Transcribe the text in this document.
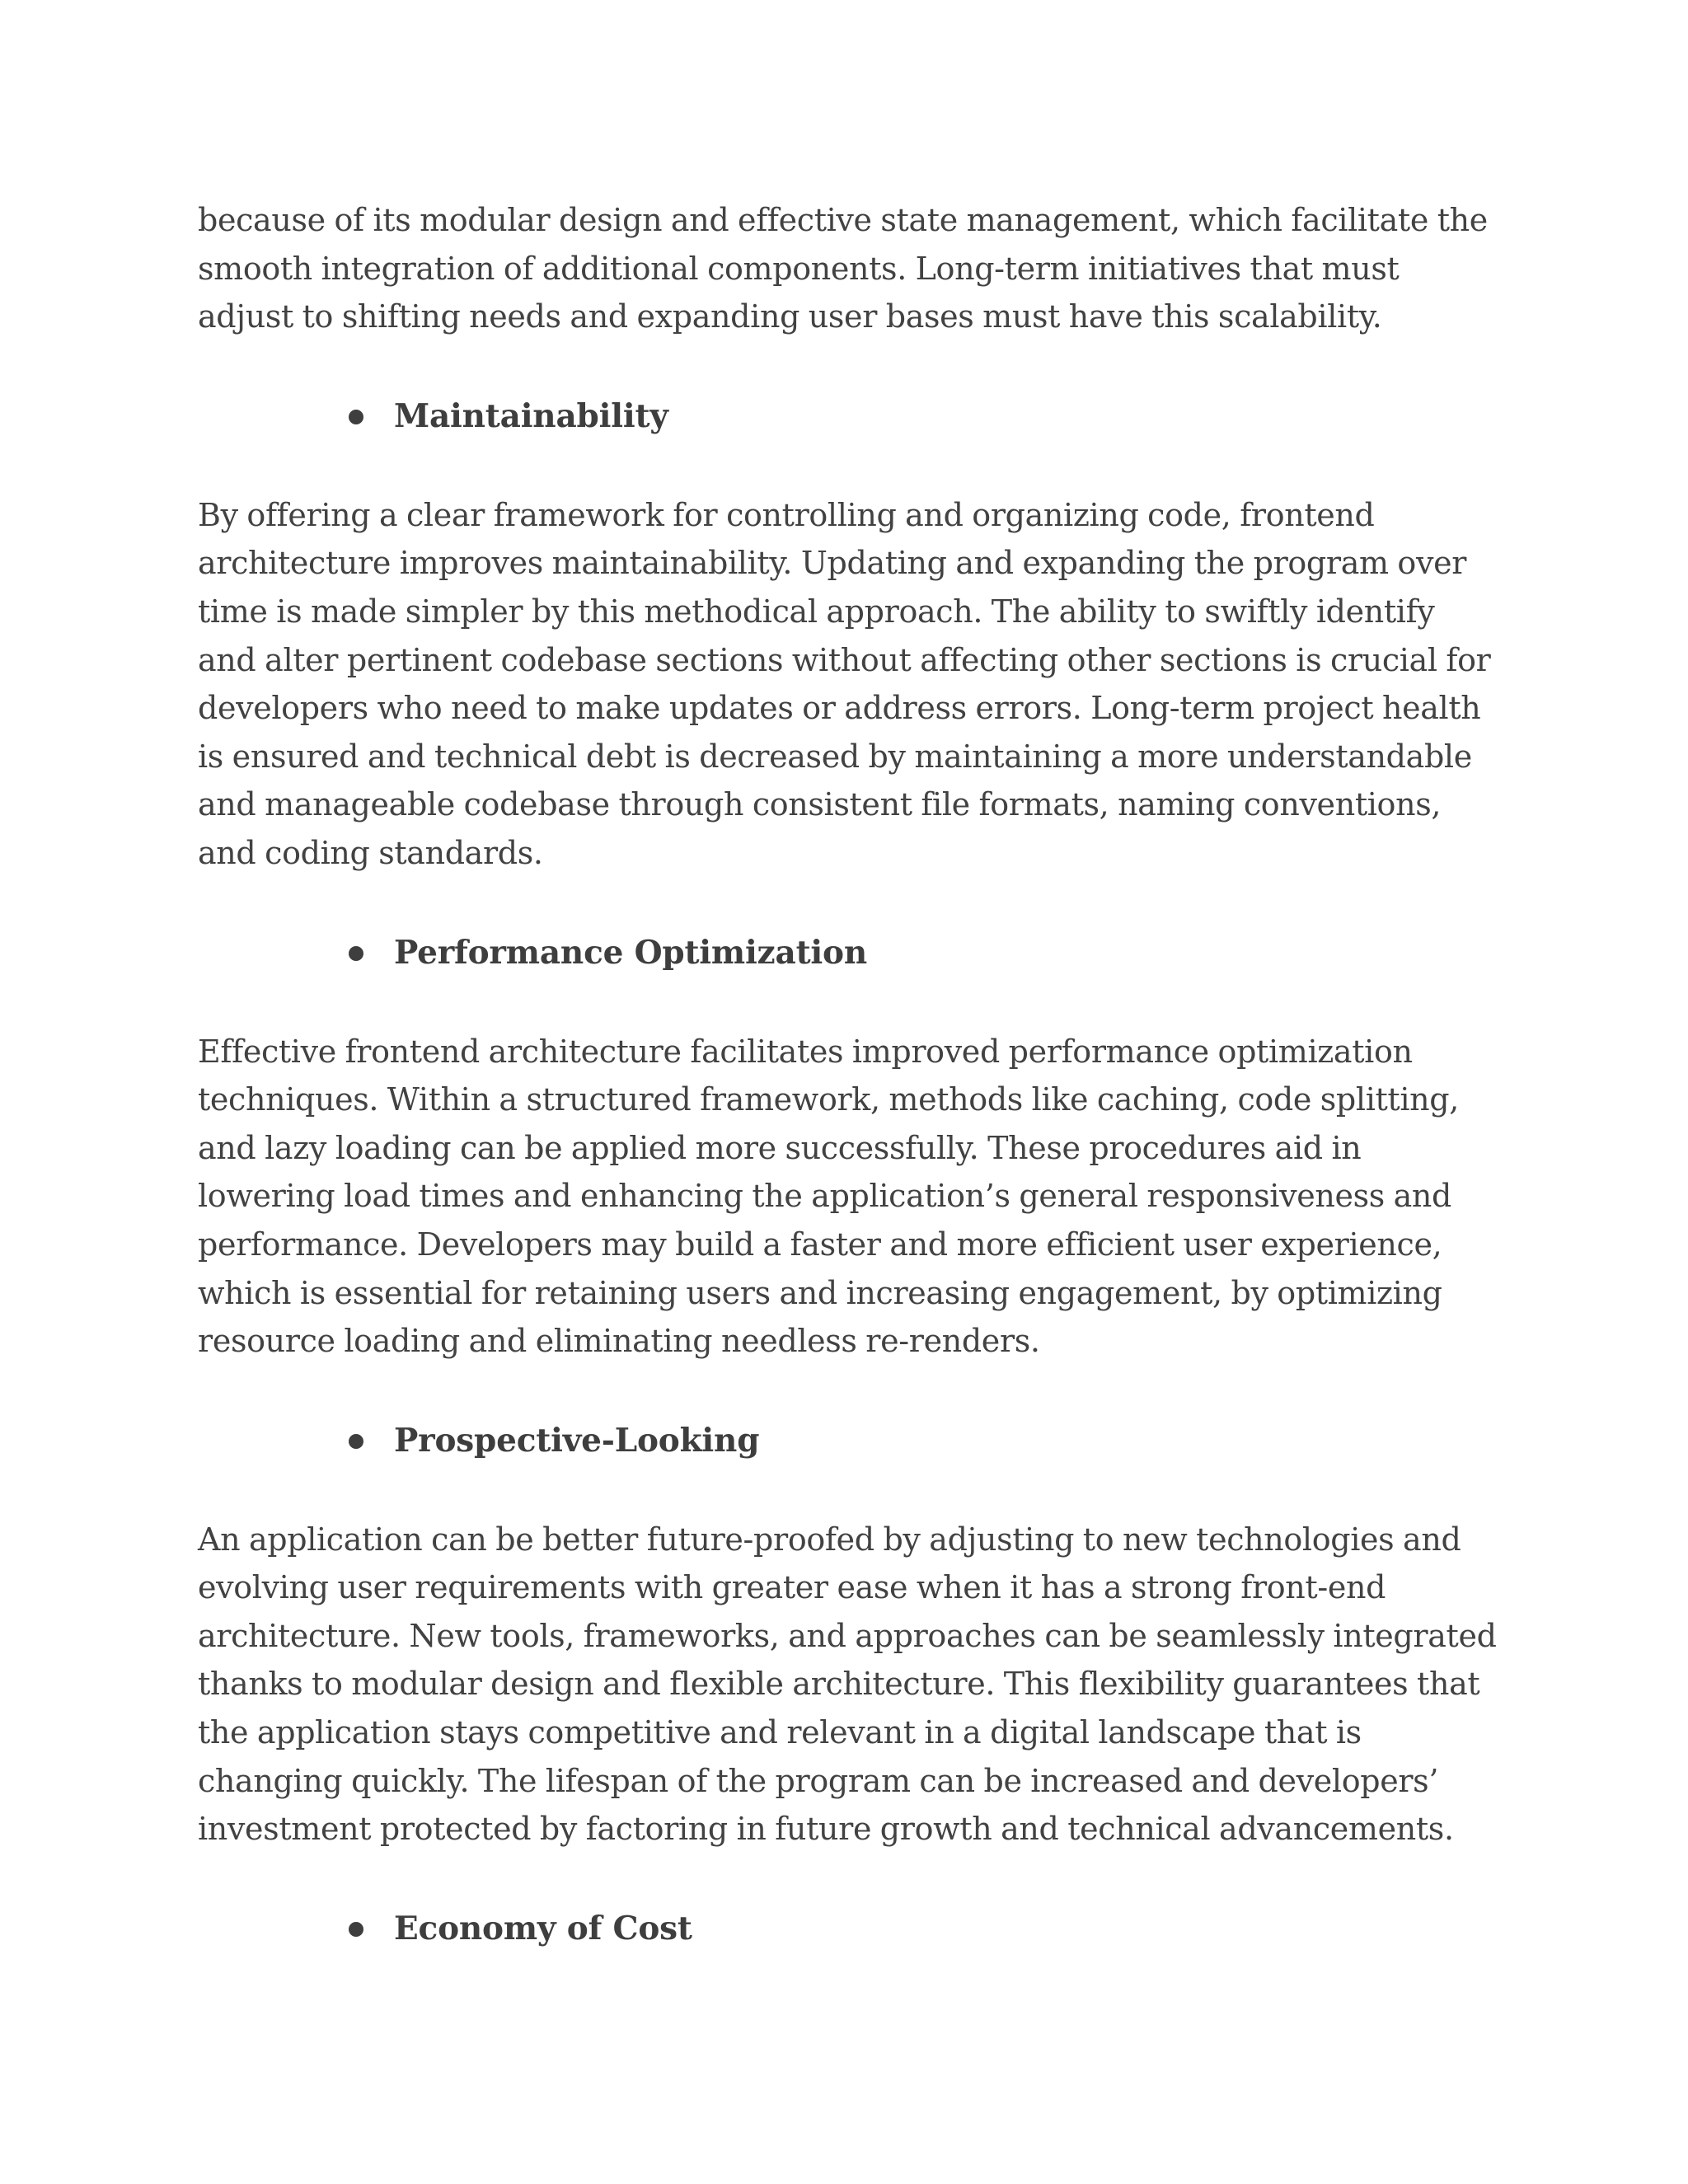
because of its modular design and effective state management, which facilitate the smooth integration of additional components. Long-term initiatives that must adjust to shifting needs and expanding user bases must have this scalability.

Maintainability

By offering a clear framework for controlling and organizing code, frontend architecture improves maintainability. Updating and expanding the program over time is made simpler by this methodical approach. The ability to swiftly identify and alter pertinent codebase sections without affecting other sections is crucial for developers who need to make updates or address errors. Long-term project health is ensured and technical debt is decreased by maintaining a more understandable and manageable codebase through consistent file formats, naming conventions, and coding standards.

Performance Optimization

Effective frontend architecture facilitates improved performance optimization techniques. Within a structured framework, methods like caching, code splitting, and lazy loading can be applied more successfully. These procedures aid in lowering load times and enhancing the application’s general responsiveness and performance. Developers may build a faster and more efficient user experience, which is essential for retaining users and increasing engagement, by optimizing resource loading and eliminating needless re-renders.

Prospective-Looking

An application can be better future-proofed by adjusting to new technologies and evolving user requirements with greater ease when it has a strong front-end architecture. New tools, frameworks, and approaches can be seamlessly integrated thanks to modular design and flexible architecture. This flexibility guarantees that the application stays competitive and relevant in a digital landscape that is changing quickly. The lifespan of the program can be increased and developers’ investment protected by factoring in future growth and technical advancements.

Economy of Cost
